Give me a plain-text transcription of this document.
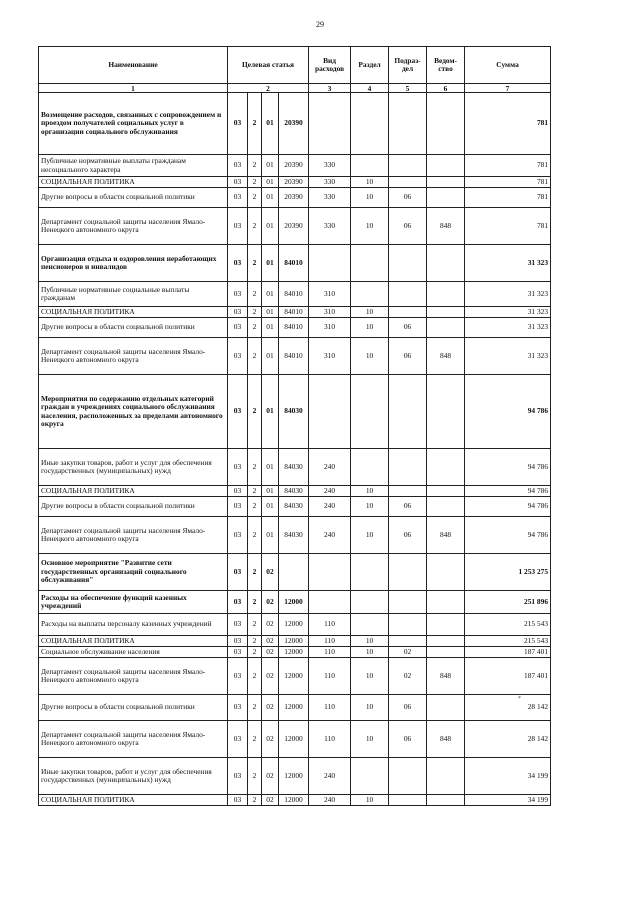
29
Наименование	Целевая статья				Вид расходов	Раздел	Подраз-дел	Ведом-ство	Сумма
1	2				3	4	5	6	7
Возмещение расходов, связанных с сопровождением и проездом получателей социальных услуг в организации социального обслуживания	03	2	01	20390					781
Публичные нормативные выплаты гражданам несоциального характера	03	2	01	20390	330				781
СОЦИАЛЬНАЯ ПОЛИТИКА	03	2	01	20390	330	10			781
Другие вопросы в области социальной политики	03	2	01	20390	330	10	06		781
Департамент социальной защиты населения Ямало-Ненецкого автономного округа	03	2	01	20390	330	10	06	848	781
Организация отдыха и оздоровления неработающих пенсионеров и инвалидов	03	2	01	84010					31 323
Публичные нормативные социальные выплаты гражданам	03	2	01	84010	310				31 323
СОЦИАЛЬНАЯ ПОЛИТИКА	03	2	01	84010	310	10			31 323
Другие вопросы в области социальной политики	03	2	01	84010	310	10	06		31 323
Департамент социальной защиты населения Ямало-Ненецкого автономного округа	03	2	01	84010	310	10	06	848	31 323
Мероприятия по содержанию отдельных категорий граждан в учреждениях социального обслуживания населения, расположенных за пределами автономного округа	03	2	01	84030					94 786
Иные закупки товаров, работ и услуг для обеспечения государственных (муниципальных) нужд	03	2	01	84030	240				94 786
СОЦИАЛЬНАЯ ПОЛИТИКА	03	2	01	84030	240	10			94 786
Другие вопросы в области социальной политики	03	2	01	84030	240	10	06		94 786
Департамент социальной защиты населения Ямало-Ненецкого автономного округа	03	2	01	84030	240	10	06	848	94 786
Основное мероприятие "Развитие сети государственных организаций социального обслуживания"	03	2	02						1 253 275
Расходы на обеспечение функций казенных учреждений	03	2	02	12000					251 896
Расходы на выплаты персоналу казенных учреждений	03	2	02	12000	110				215 543
СОЦИАЛЬНАЯ ПОЛИТИКА	03	2	02	12000	110	10			215 543
Социальное обслуживание населения	03	2	02	12000	110	10	02		187 401
Департамент социальной защиты населения Ямало-Ненецкого автономного округа	03	2	02	12000	110	10	02	848	187 401
Другие вопросы в области социальной политики	03	2	02	12000	110	10	06		28 142
Департамент социальной защиты населения Ямало-Ненецкого автономного округа	03	2	02	12000	110	10	06	848	28 142
Иные закупки товаров, работ и услуг для обеспечения государственных (муниципальных) нужд	03	2	02	12000	240				34 199
СОЦИАЛЬНАЯ ПОЛИТИКА	03	2	02	12000	240	10			34 199
*
